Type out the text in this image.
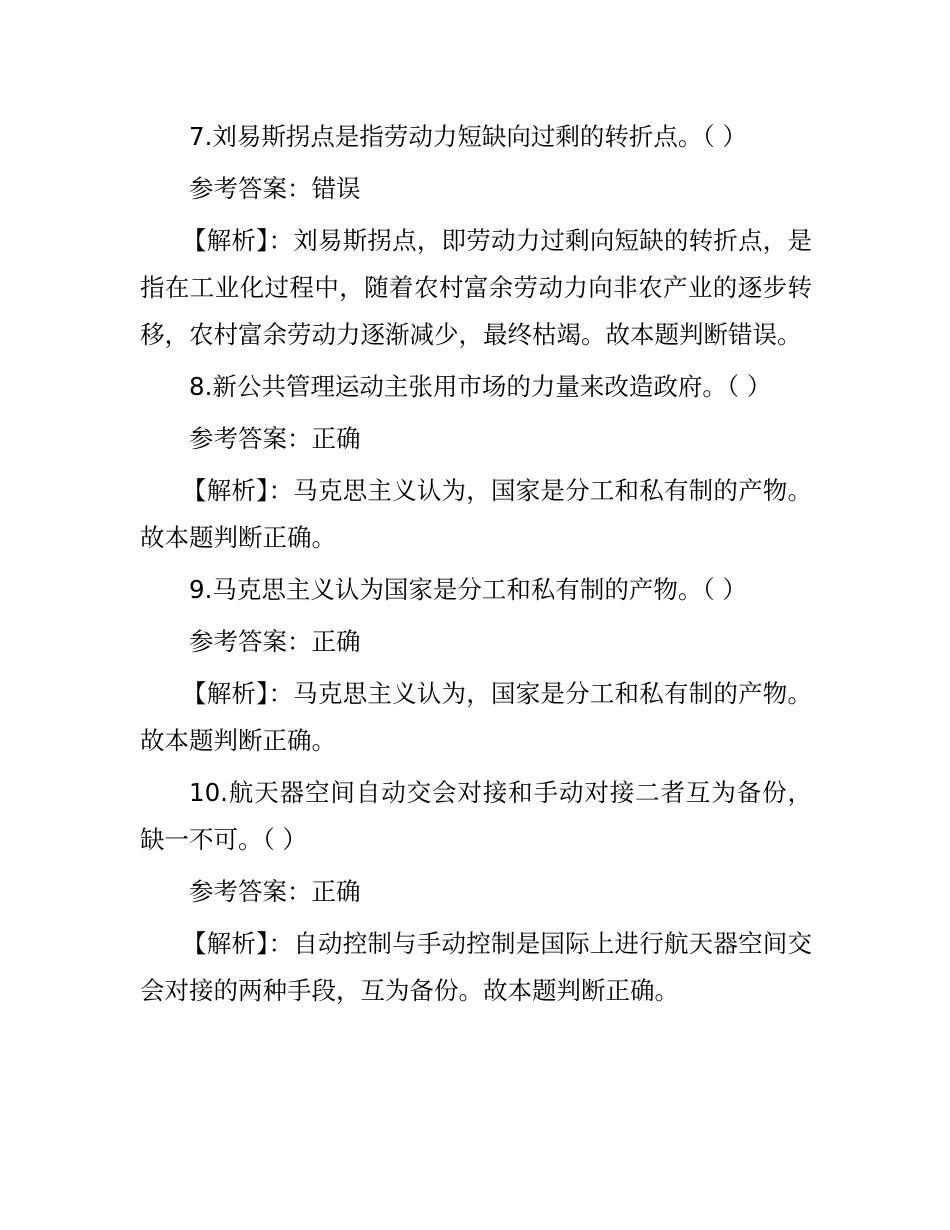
7.刘易斯拐点是指劳动力短缺向过剩的转折点。（ ）

参考答案：错误

【解析】：刘易斯拐点，即劳动力过剩向短缺的转折点，是指在工业化过程中，随着农村富余劳动力向非农产业的逐步转移，农村富余劳动力逐渐减少，最终枯竭。故本题判断错误。

8.新公共管理运动主张用市场的力量来改造政府。（ ）

参考答案：正确

【解析】：马克思主义认为，国家是分工和私有制的产物。故本题判断正确。

9.马克思主义认为国家是分工和私有制的产物。（ ）

参考答案：正确

【解析】：马克思主义认为，国家是分工和私有制的产物。故本题判断正确。

10.航天器空间自动交会对接和手动对接二者互为备份，缺一不可。（ ）

参考答案：正确

【解析】：自动控制与手动控制是国际上进行航天器空间交会对接的两种手段，互为备份。故本题判断正确。
